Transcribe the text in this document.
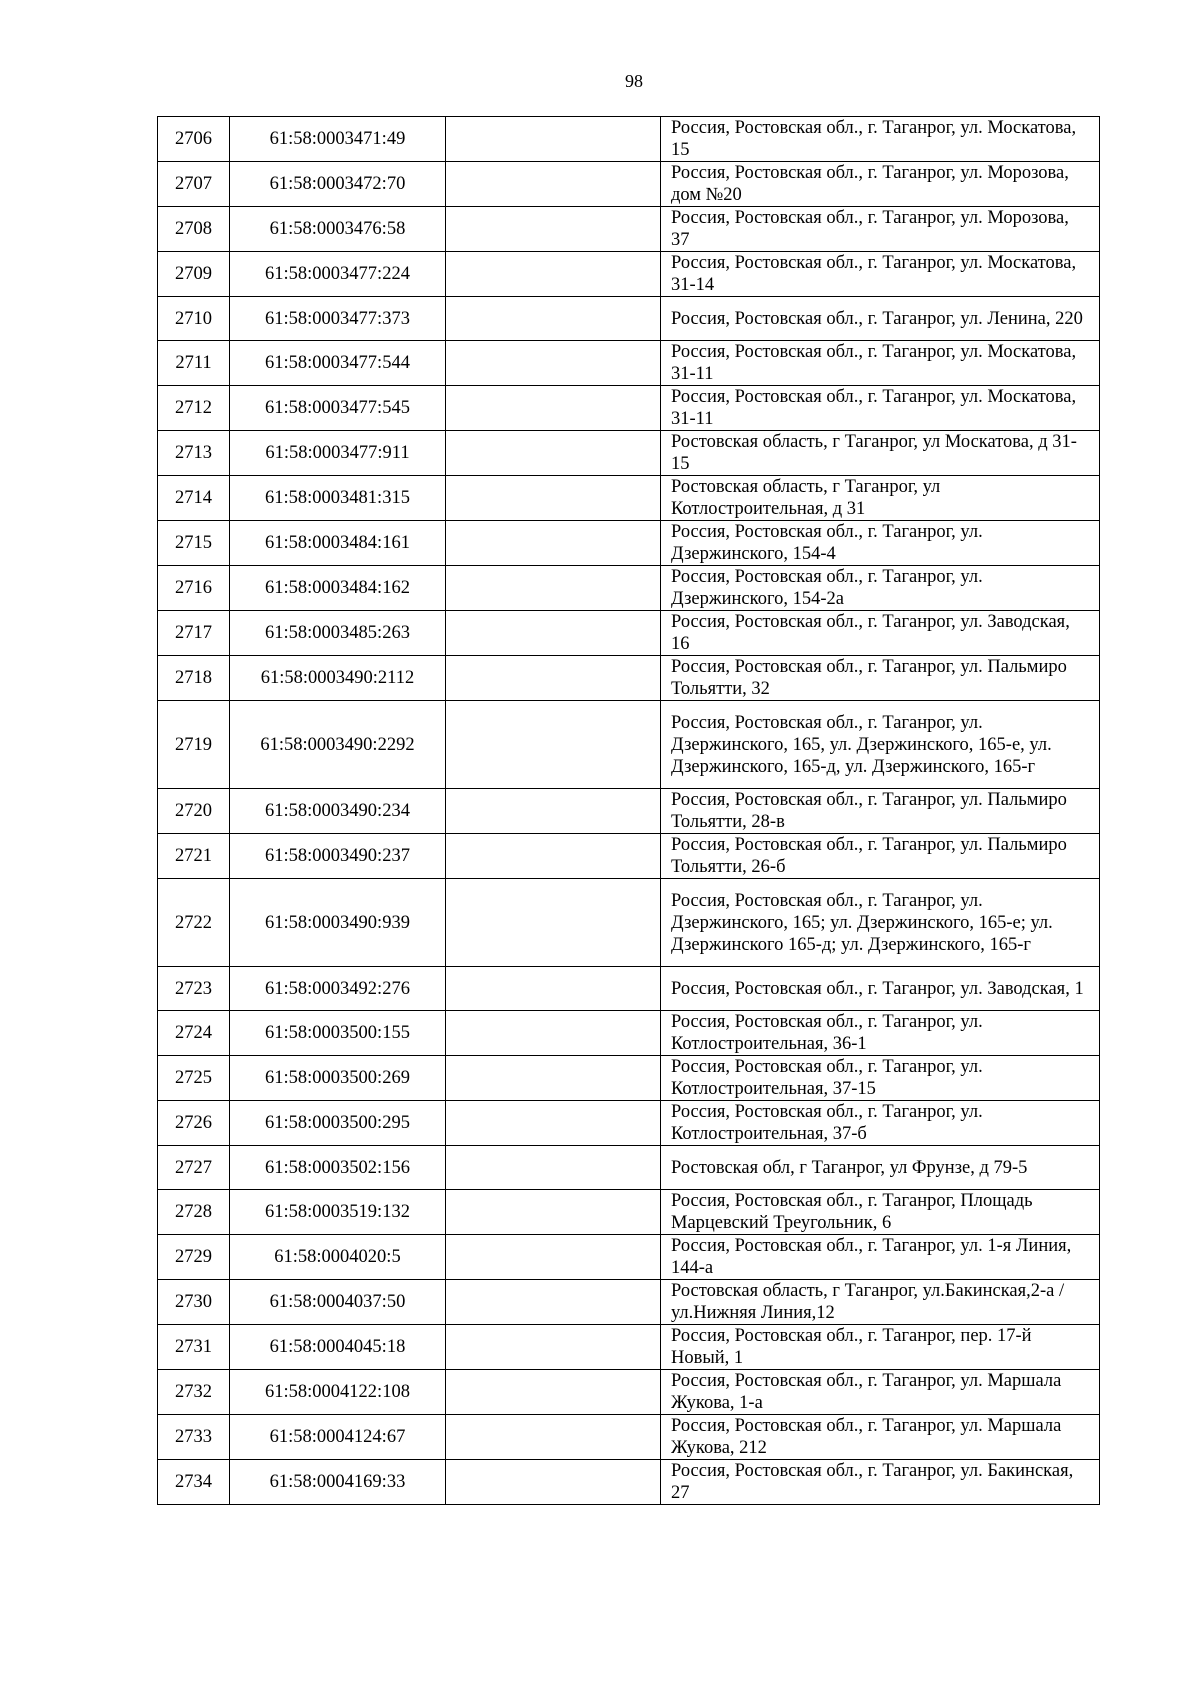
98
2706	61:58:0003471:49		Россия, Ростовская обл., г. Таганрог, ул. Москатова, 15
2707	61:58:0003472:70		Россия, Ростовская обл., г. Таганрог, ул. Морозова, дом №20
2708	61:58:0003476:58		Россия, Ростовская обл., г. Таганрог, ул. Морозова, 37
2709	61:58:0003477:224		Россия, Ростовская обл., г. Таганрог, ул. Москатова, 31-14
2710	61:58:0003477:373		Россия, Ростовская обл., г. Таганрог, ул. Ленина, 220
2711	61:58:0003477:544		Россия, Ростовская обл., г. Таганрог, ул. Москатова, 31-11
2712	61:58:0003477:545		Россия, Ростовская обл., г. Таганрог, ул. Москатова, 31-11
2713	61:58:0003477:911		Ростовская область, г Таганрог, ул Москатова, д 31-15
2714	61:58:0003481:315		Ростовская область, г Таганрог, ул Котлостроительная, д 31
2715	61:58:0003484:161		Россия, Ростовская обл., г. Таганрог, ул. Дзержинского, 154-4
2716	61:58:0003484:162		Россия, Ростовская обл., г. Таганрог, ул. Дзержинского, 154-2а
2717	61:58:0003485:263		Россия, Ростовская обл., г. Таганрог, ул. Заводская, 16
2718	61:58:0003490:2112		Россия, Ростовская обл., г. Таганрог, ул. Пальмиро Тольятти, 32
2719	61:58:0003490:2292		Россия, Ростовская обл., г. Таганрог, ул. Дзержинского, 165, ул. Дзержинского, 165-е, ул. Дзержинского, 165-д, ул. Дзержинского, 165-г
2720	61:58:0003490:234		Россия, Ростовская обл., г. Таганрог, ул. Пальмиро Тольятти, 28-в
2721	61:58:0003490:237		Россия, Ростовская обл., г. Таганрог, ул. Пальмиро Тольятти, 26-б
2722	61:58:0003490:939		Россия, Ростовская обл., г. Таганрог, ул. Дзержинского, 165; ул. Дзержинского, 165-е; ул. Дзержинского 165-д; ул. Дзержинского, 165-г
2723	61:58:0003492:276		Россия, Ростовская обл., г. Таганрог, ул. Заводская, 1
2724	61:58:0003500:155		Россия, Ростовская обл., г. Таганрог, ул. Котлостроительная, 36-1
2725	61:58:0003500:269		Россия, Ростовская обл., г. Таганрог, ул. Котлостроительная, 37-15
2726	61:58:0003500:295		Россия, Ростовская обл., г. Таганрог, ул. Котлостроительная, 37-б
2727	61:58:0003502:156		Ростовская обл, г Таганрог, ул Фрунзе, д 79-5
2728	61:58:0003519:132		Россия, Ростовская обл., г. Таганрог, Площадь Марцевский Треугольник, 6
2729	61:58:0004020:5		Россия, Ростовская обл., г. Таганрог, ул. 1-я Линия, 144-а
2730	61:58:0004037:50		Ростовская область, г Таганрог, ул.Бакинская,2-а / ул.Нижняя Линия,12
2731	61:58:0004045:18		Россия, Ростовская обл., г. Таганрог, пер. 17-й Новый, 1
2732	61:58:0004122:108		Россия, Ростовская обл., г. Таганрог, ул. Маршала Жукова, 1-а
2733	61:58:0004124:67		Россия, Ростовская обл., г. Таганрог, ул. Маршала Жукова, 212
2734	61:58:0004169:33		Россия, Ростовская обл., г. Таганрог, ул. Бакинская, 27
